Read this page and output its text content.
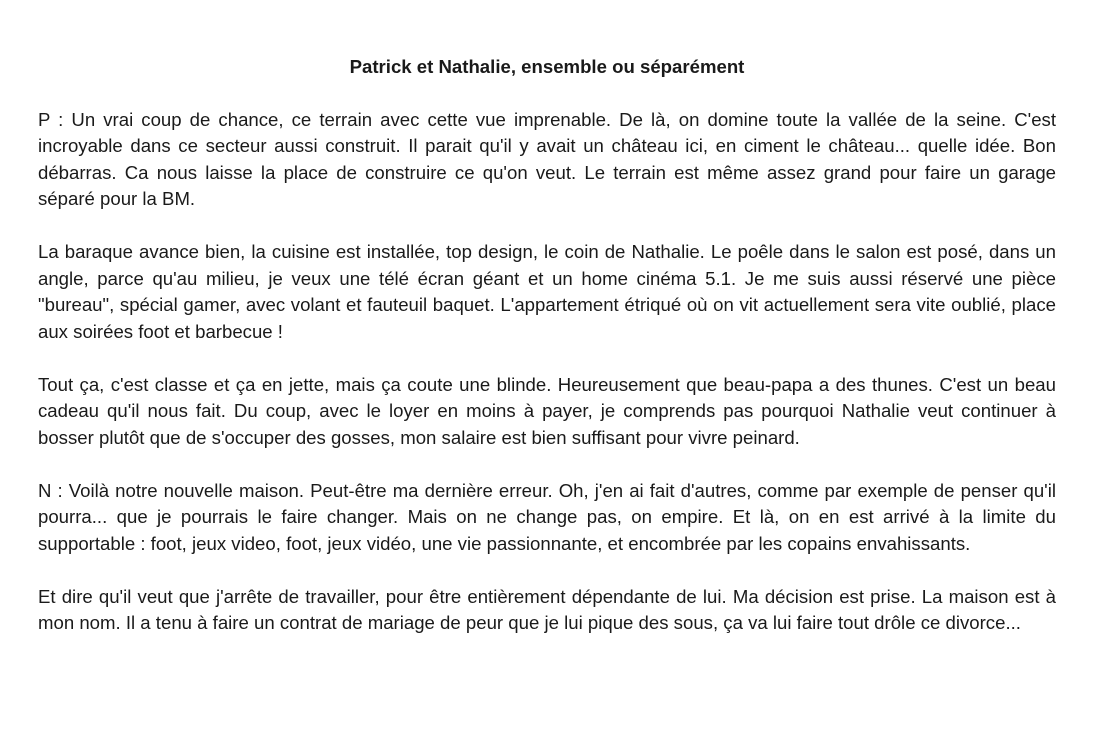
Patrick et Nathalie, ensemble ou séparément

P : Un vrai coup de chance, ce terrain avec cette vue imprenable. De là, on domine toute la vallée de la seine. C'est incroyable dans ce secteur aussi construit. Il parait qu'il y avait un château ici, en ciment le château... quelle idée. Bon débarras. Ca nous laisse la place de construire ce qu'on veut. Le terrain est même assez grand pour faire un garage séparé pour la BM.

La baraque avance bien, la cuisine est installée, top design, le coin de Nathalie. Le poêle dans le salon est posé, dans un angle, parce qu'au milieu, je veux une télé écran géant et un home cinéma 5.1. Je me suis aussi réservé une pièce "bureau", spécial gamer, avec volant et fauteuil baquet. L'appartement étriqué où on vit actuellement sera vite oublié, place aux soirées foot et barbecue !

Tout ça, c'est classe et ça en jette, mais ça coute une blinde. Heureusement que beau-papa a des thunes. C'est un beau cadeau qu'il nous fait. Du coup, avec le loyer en moins à payer, je comprends pas pourquoi Nathalie veut continuer à bosser plutôt que de s'occuper des gosses, mon salaire est bien suffisant pour vivre peinard.

N : Voilà notre nouvelle maison. Peut-être ma dernière erreur. Oh, j'en ai fait d'autres, comme par exemple de penser qu'il pourra... que je pourrais le faire changer. Mais on ne change pas, on empire. Et là, on en est arrivé à la limite du supportable : foot, jeux video, foot, jeux vidéo, une vie passionnante, et encombrée par les copains envahissants.

Et dire qu'il veut que j'arrête de travailler, pour être entièrement dépendante de lui. Ma décision est prise. La maison est à mon nom. Il a tenu à faire un contrat de mariage de peur que je lui pique des sous, ça va lui faire tout drôle ce divorce...
